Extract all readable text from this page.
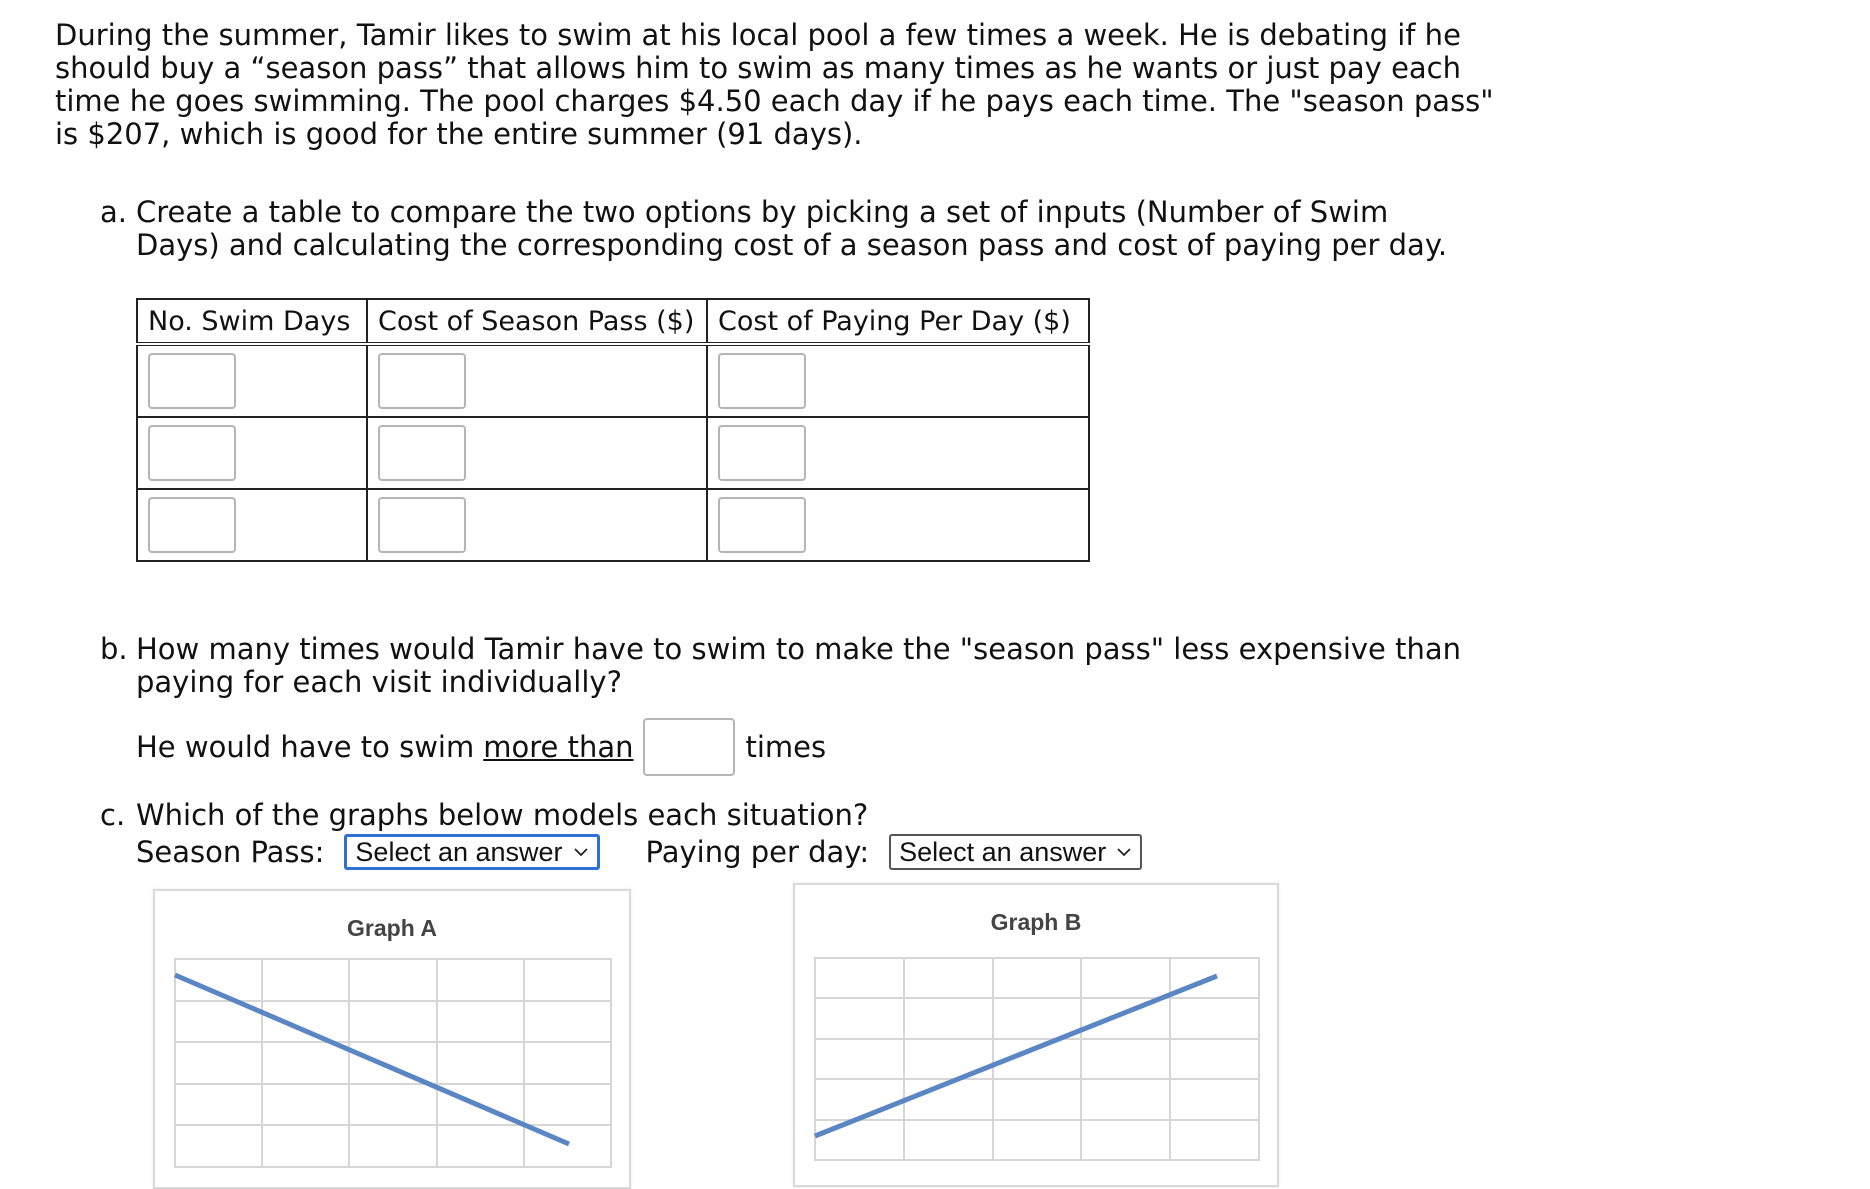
During the summer, Tamir likes to swim at his local pool a few times a week. He is debating if he should buy a “season pass” that allows him to swim as many times as he wants or just pay each time he goes swimming. The pool charges $4.50 each day if he pays each time. The "season pass" is $207, which is good for the entire summer (91 days).

a. Create a table to compare the two options by picking a set of inputs (Number of Swim Days) and calculating the corresponding cost of a season pass and cost of paying per day.
No. Swim Days	Cost of Season Pass ($)	Cost of Paying Per Day ($)

b. How many times would Tamir have to swim to make the "season pass" less expensive than paying for each visit individually?
He would have to swim more than	times
c. Which of the graphs below models each situation?
Season Pass: Select an answer	Paying per day: Select an answer
Graph A	Graph B
